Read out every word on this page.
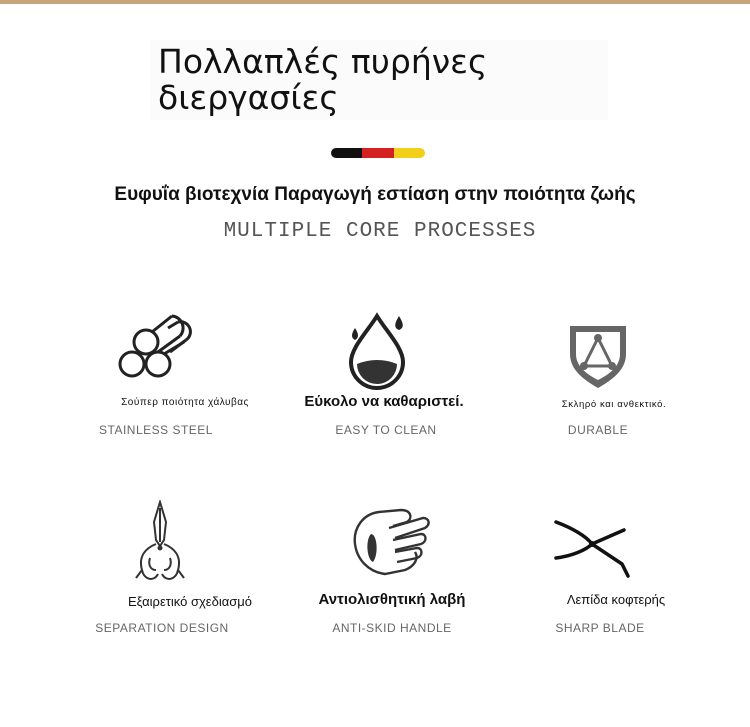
Πολλαπλές πυρήνες διεργασίες
Ευφυΐα βιοτεχνία Παραγωγή εστίαση στην ποιότητα ζωής
MULTIPLE CORE PROCESSES
Σούπερ ποιότητα χάλυβας
STAINLESS STEEL
Εύκολο να καθαριστεί.
EASY TO CLEAN
Σκληρό και ανθεκτικό.
DURABLE
Εξαιρετικό σχεδιασμό
SEPARATION DESIGN
Αντιολισθητική λαβή
ANTI-SKID HANDLE
Λεπίδα κοφτερής
SHARP BLADE
